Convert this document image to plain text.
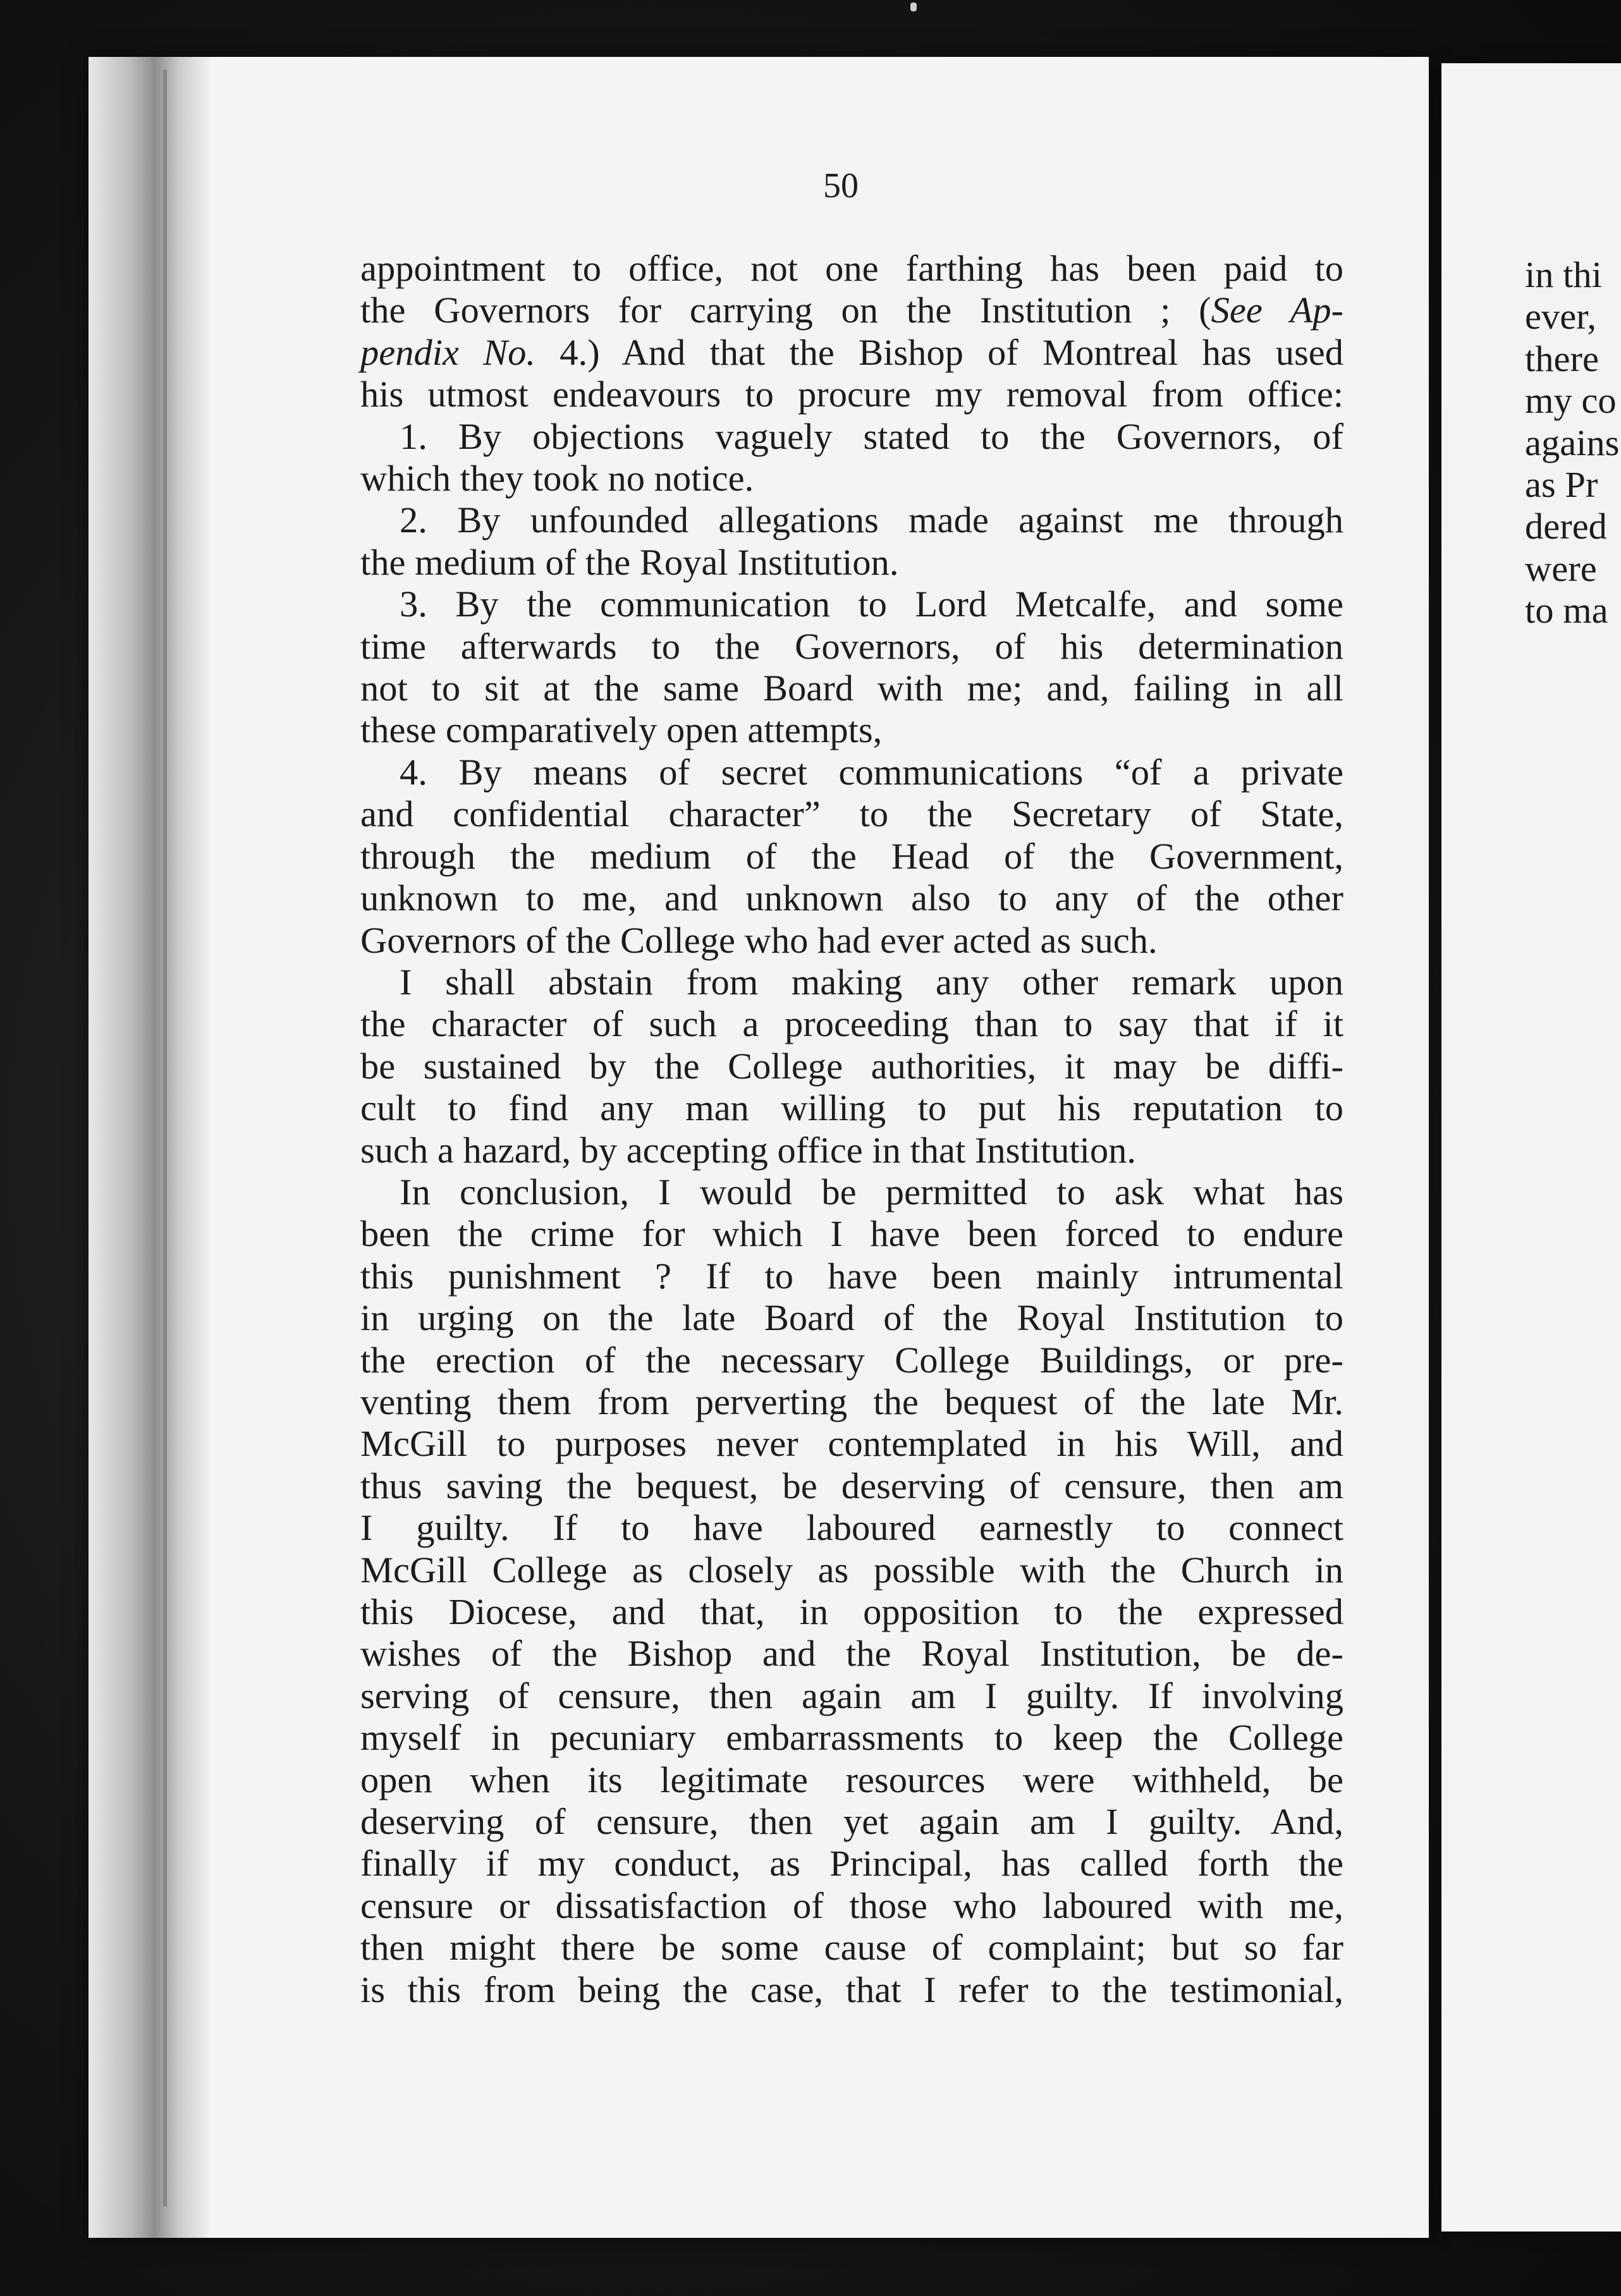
50
appointment to office, not one farthing has been paid to
the Governors for carrying on the Institution ; (See Ap-
pendix No. 4.) And that the Bishop of Montreal has used
his utmost endeavours to procure my removal from office:
1. By objections vaguely stated to the Governors, of
which they took no notice.
2. By unfounded allegations made against me through
the medium of the Royal Institution.
3. By the communication to Lord Metcalfe, and some
time afterwards to the Governors, of his determination
not to sit at the same Board with me; and, failing in all
these comparatively open attempts,
4. By means of secret communications “of a private
and confidential character” to the Secretary of State,
through the medium of the Head of the Government,
unknown to me, and unknown also to any of the other
Governors of the College who had ever acted as such.
I shall abstain from making any other remark upon
the character of such a proceeding than to say that if it
be sustained by the College authorities, it may be diffi-
cult to find any man willing to put his reputation to
such a hazard, by accepting office in that Institution.
In conclusion, I would be permitted to ask what has
been the crime for which I have been forced to endure
this punishment ? If to have been mainly intrumental
in urging on the late Board of the Royal Institution to
the erection of the necessary College Buildings, or pre-
venting them from perverting the bequest of the late Mr.
McGill to purposes never contemplated in his Will, and
thus saving the bequest, be deserving of censure, then am
I guilty. If to have laboured earnestly to connect
McGill College as closely as possible with the Church in
this Diocese, and that, in opposition to the expressed
wishes of the Bishop and the Royal Institution, be de-
serving of censure, then again am I guilty. If involving
myself in pecuniary embarrassments to keep the College
open when its legitimate resources were withheld, be
deserving of censure, then yet again am I guilty. And,
finally if my conduct, as Principal, has called forth the
censure or dissatisfaction of those who laboured with me,
then might there be some cause of complaint; but so far
is this from being the case, that I refer to the testimonial,
in thi
ever,
there
my co
agains
as Pr
dered
were
to ma
